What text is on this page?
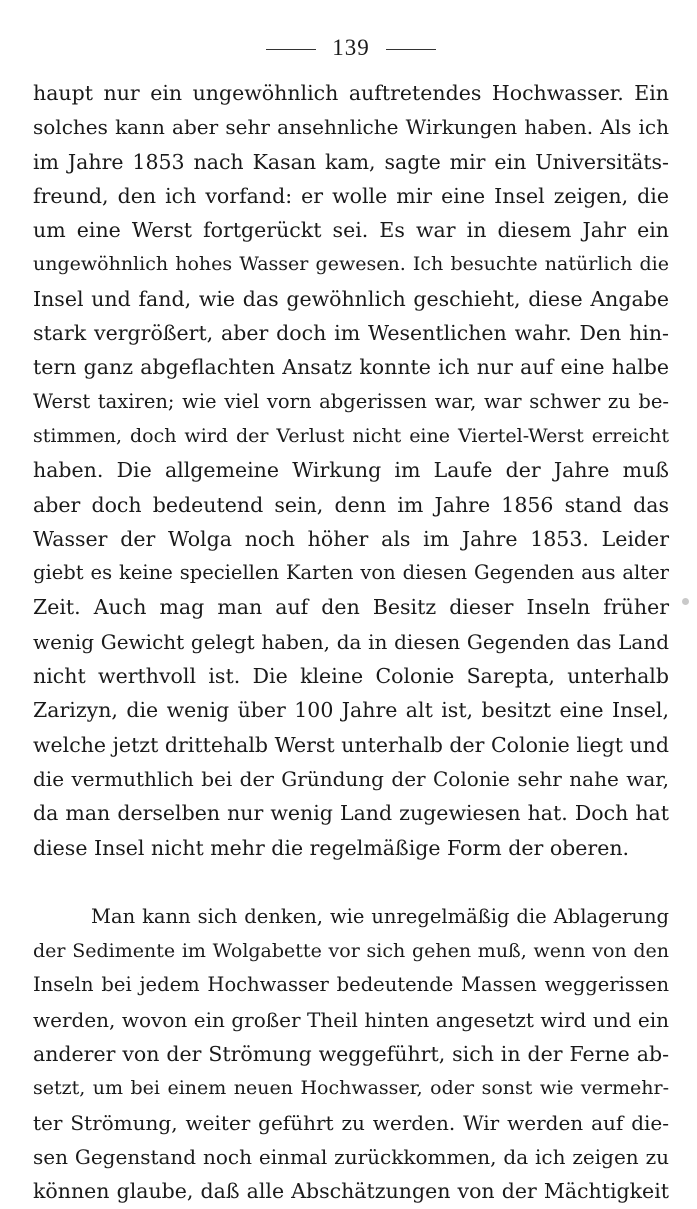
139
haupt nur ein ungewöhnlich auftretendes Hochwasser. Ein
solches kann aber sehr ansehnliche Wirkungen haben. Als ich
im Jahre 1853 nach Kasan kam, sagte mir ein Universitäts-
freund, den ich vorfand: er wolle mir eine Insel zeigen, die
um eine Werst fortgerückt sei. Es war in diesem Jahr ein
ungewöhnlich hohes Wasser gewesen. Ich besuchte natürlich die
Insel und fand, wie das gewöhnlich geschieht, diese Angabe
stark vergrößert, aber doch im Wesentlichen wahr. Den hin-
tern ganz abgeflachten Ansatz konnte ich nur auf eine halbe
Werst taxiren; wie viel vorn abgerissen war, war schwer zu be-
stimmen, doch wird der Verlust nicht eine Viertel-Werst erreicht
haben. Die allgemeine Wirkung im Laufe der Jahre muß
aber doch bedeutend sein, denn im Jahre 1856 stand das
Wasser der Wolga noch höher als im Jahre 1853. Leider
giebt es keine speciellen Karten von diesen Gegenden aus alter
Zeit. Auch mag man auf den Besitz dieser Inseln früher
wenig Gewicht gelegt haben, da in diesen Gegenden das Land
nicht werthvoll ist. Die kleine Colonie Sarepta, unterhalb
Zarizyn, die wenig über 100 Jahre alt ist, besitzt eine Insel,
welche jetzt drittehalb Werst unterhalb der Colonie liegt und
die vermuthlich bei der Gründung der Colonie sehr nahe war,
da man derselben nur wenig Land zugewiesen hat. Doch hat
diese Insel nicht mehr die regelmäßige Form der oberen.
Man kann sich denken, wie unregelmäßig die Ablagerung
der Sedimente im Wolgabette vor sich gehen muß, wenn von den
Inseln bei jedem Hochwasser bedeutende Massen weggerissen
werden, wovon ein großer Theil hinten angesetzt wird und ein
anderer von der Strömung weggeführt, sich in der Ferne ab-
setzt, um bei einem neuen Hochwasser, oder sonst wie vermehr-
ter Strömung, weiter geführt zu werden. Wir werden auf die-
sen Gegenstand noch einmal zurückkommen, da ich zeigen zu
können glaube, daß alle Abschätzungen von der Mächtigkeit
